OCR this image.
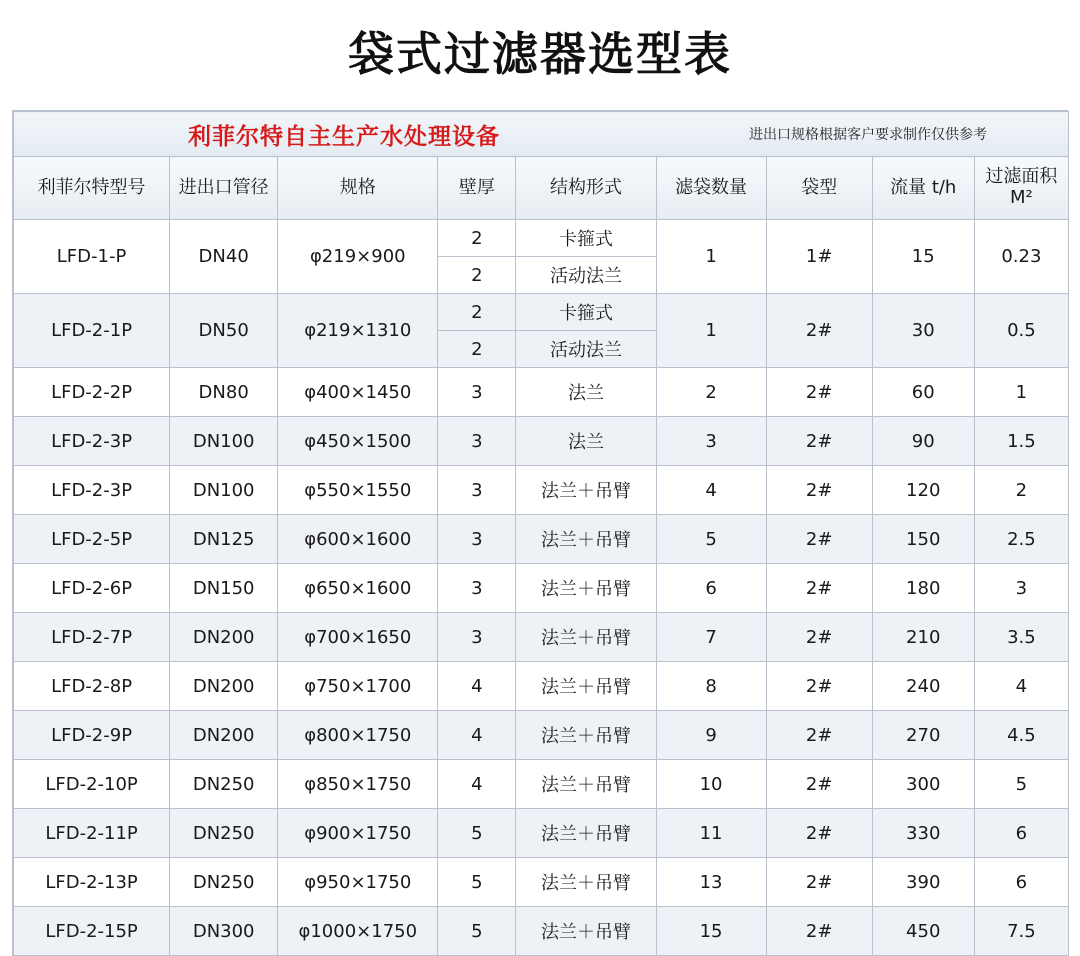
袋式过滤器选型表
利菲尔特自主生产水处理设备 进出口规格根据客户要求制作仅供参考								

利菲尔特型号	进出口管径	规格	壁厚	结构形式	滤袋数量	袋型	流量 t/h	过滤面积 M²
LFD-1-P	DN40	φ219×900	2	卡箍式	1	1#	15	0.23
			2	活动法兰				
LFD-2-1P	DN50	φ219×1310	2	卡箍式	1	2#	30	0.5
			2	活动法兰				
LFD-2-2P	DN80	φ400×1450	3	法兰	2	2#	60	1
LFD-2-3P	DN100	φ450×1500	3	法兰	3	2#	90	1.5
LFD-2-3P	DN100	φ550×1550	3	法兰＋吊臂	4	2#	120	2
LFD-2-5P	DN125	φ600×1600	3	法兰＋吊臂	5	2#	150	2.5
LFD-2-6P	DN150	φ650×1600	3	法兰＋吊臂	6	2#	180	3
LFD-2-7P	DN200	φ700×1650	3	法兰＋吊臂	7	2#	210	3.5
LFD-2-8P	DN200	φ750×1700	4	法兰＋吊臂	8	2#	240	4
LFD-2-9P	DN200	φ800×1750	4	法兰＋吊臂	9	2#	270	4.5
LFD-2-10P	DN250	φ850×1750	4	法兰＋吊臂	10	2#	300	5
LFD-2-11P	DN250	φ900×1750	5	法兰＋吊臂	11	2#	330	6
LFD-2-13P	DN250	φ950×1750	5	法兰＋吊臂	13	2#	390	6
LFD-2-15P	DN300	φ1000×1750	5	法兰＋吊臂	15	2#	450	7.5
